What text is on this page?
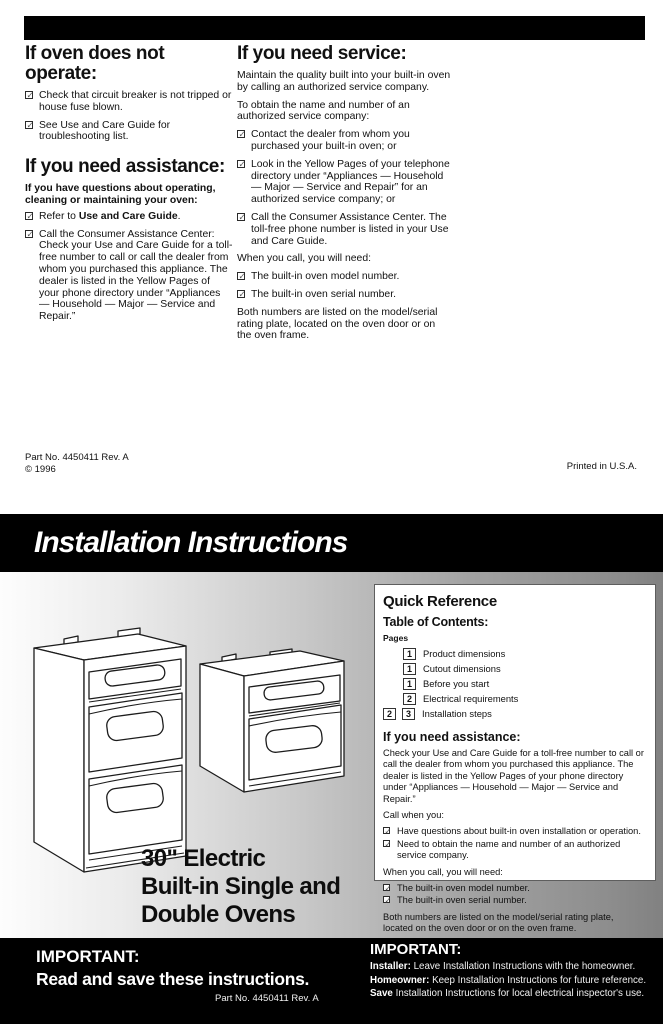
If oven does not operate:
✓
Check that circuit breaker is not tripped or house fuse blown.
✓
See Use and Care Guide for troubleshooting list.
If you need assistance:
If you have questions about operating, cleaning or maintaining your oven:
✓
Refer to Use and Care Guide.
✓
Call the Consumer Assistance Center: Check your Use and Care Guide for a toll-free number to call or call the dealer from whom you purchased this appliance. The dealer is listed in the Yellow Pages of your phone directory under “Appliances — Household — Major — Service and Repair.”
If you need service:
Maintain the quality built into your built-in oven by calling an authorized service company.
To obtain the name and number of an authorized service company:
✓
Contact the dealer from whom you purchased your built-in oven; or
✓
Look in the Yellow Pages of your telephone directory under “Appliances — Household — Major — Service and Repair” for an authorized service company; or
✓
Call the Consumer Assistance Center. The toll-free phone number is listed in your Use and Care Guide.
When you call, you will need:
✓
The built-in oven model number.
✓
The built-in oven serial number.
Both numbers are listed on the model/serial rating plate, located on the oven door or on the oven frame.
Part No. 4450411 Rev. A
© 1996	Printed in U.S.A.
Installation Instructions
Quick Reference
Table of Contents:
Pages
1	Product dimensions
1	Cutout dimensions
1	Before you start
2	Electrical requirements
2	3	Installation steps
If you need assistance:

Check your Use and Care Guide for a toll-free number to call or call the dealer from whom you purchased this appliance. The dealer is listed in the Yellow Pages of your phone directory under “Appliances — Household — Major — Service and Repair.”

Call when you:

✓
Have questions about built-in oven installation or operation.
✓
Need to obtain the name and number of an authorized service company.

When you call, you will need:

✓
The built-in oven model number.
✓
The built-in oven serial number.

Both numbers are listed on the model/serial rating plate, located on the oven door or on the oven frame.

30" Electric
Built-in Single and
Double Ovens
IMPORTANT:
Read and save these instructions.
Part No. 4450411 Rev. A
IMPORTANT:
Installer: Leave Installation Instructions with the homeowner.
Homeowner: Keep Installation Instructions for future reference.
Save Installation Instructions for local electrical inspector's use.
